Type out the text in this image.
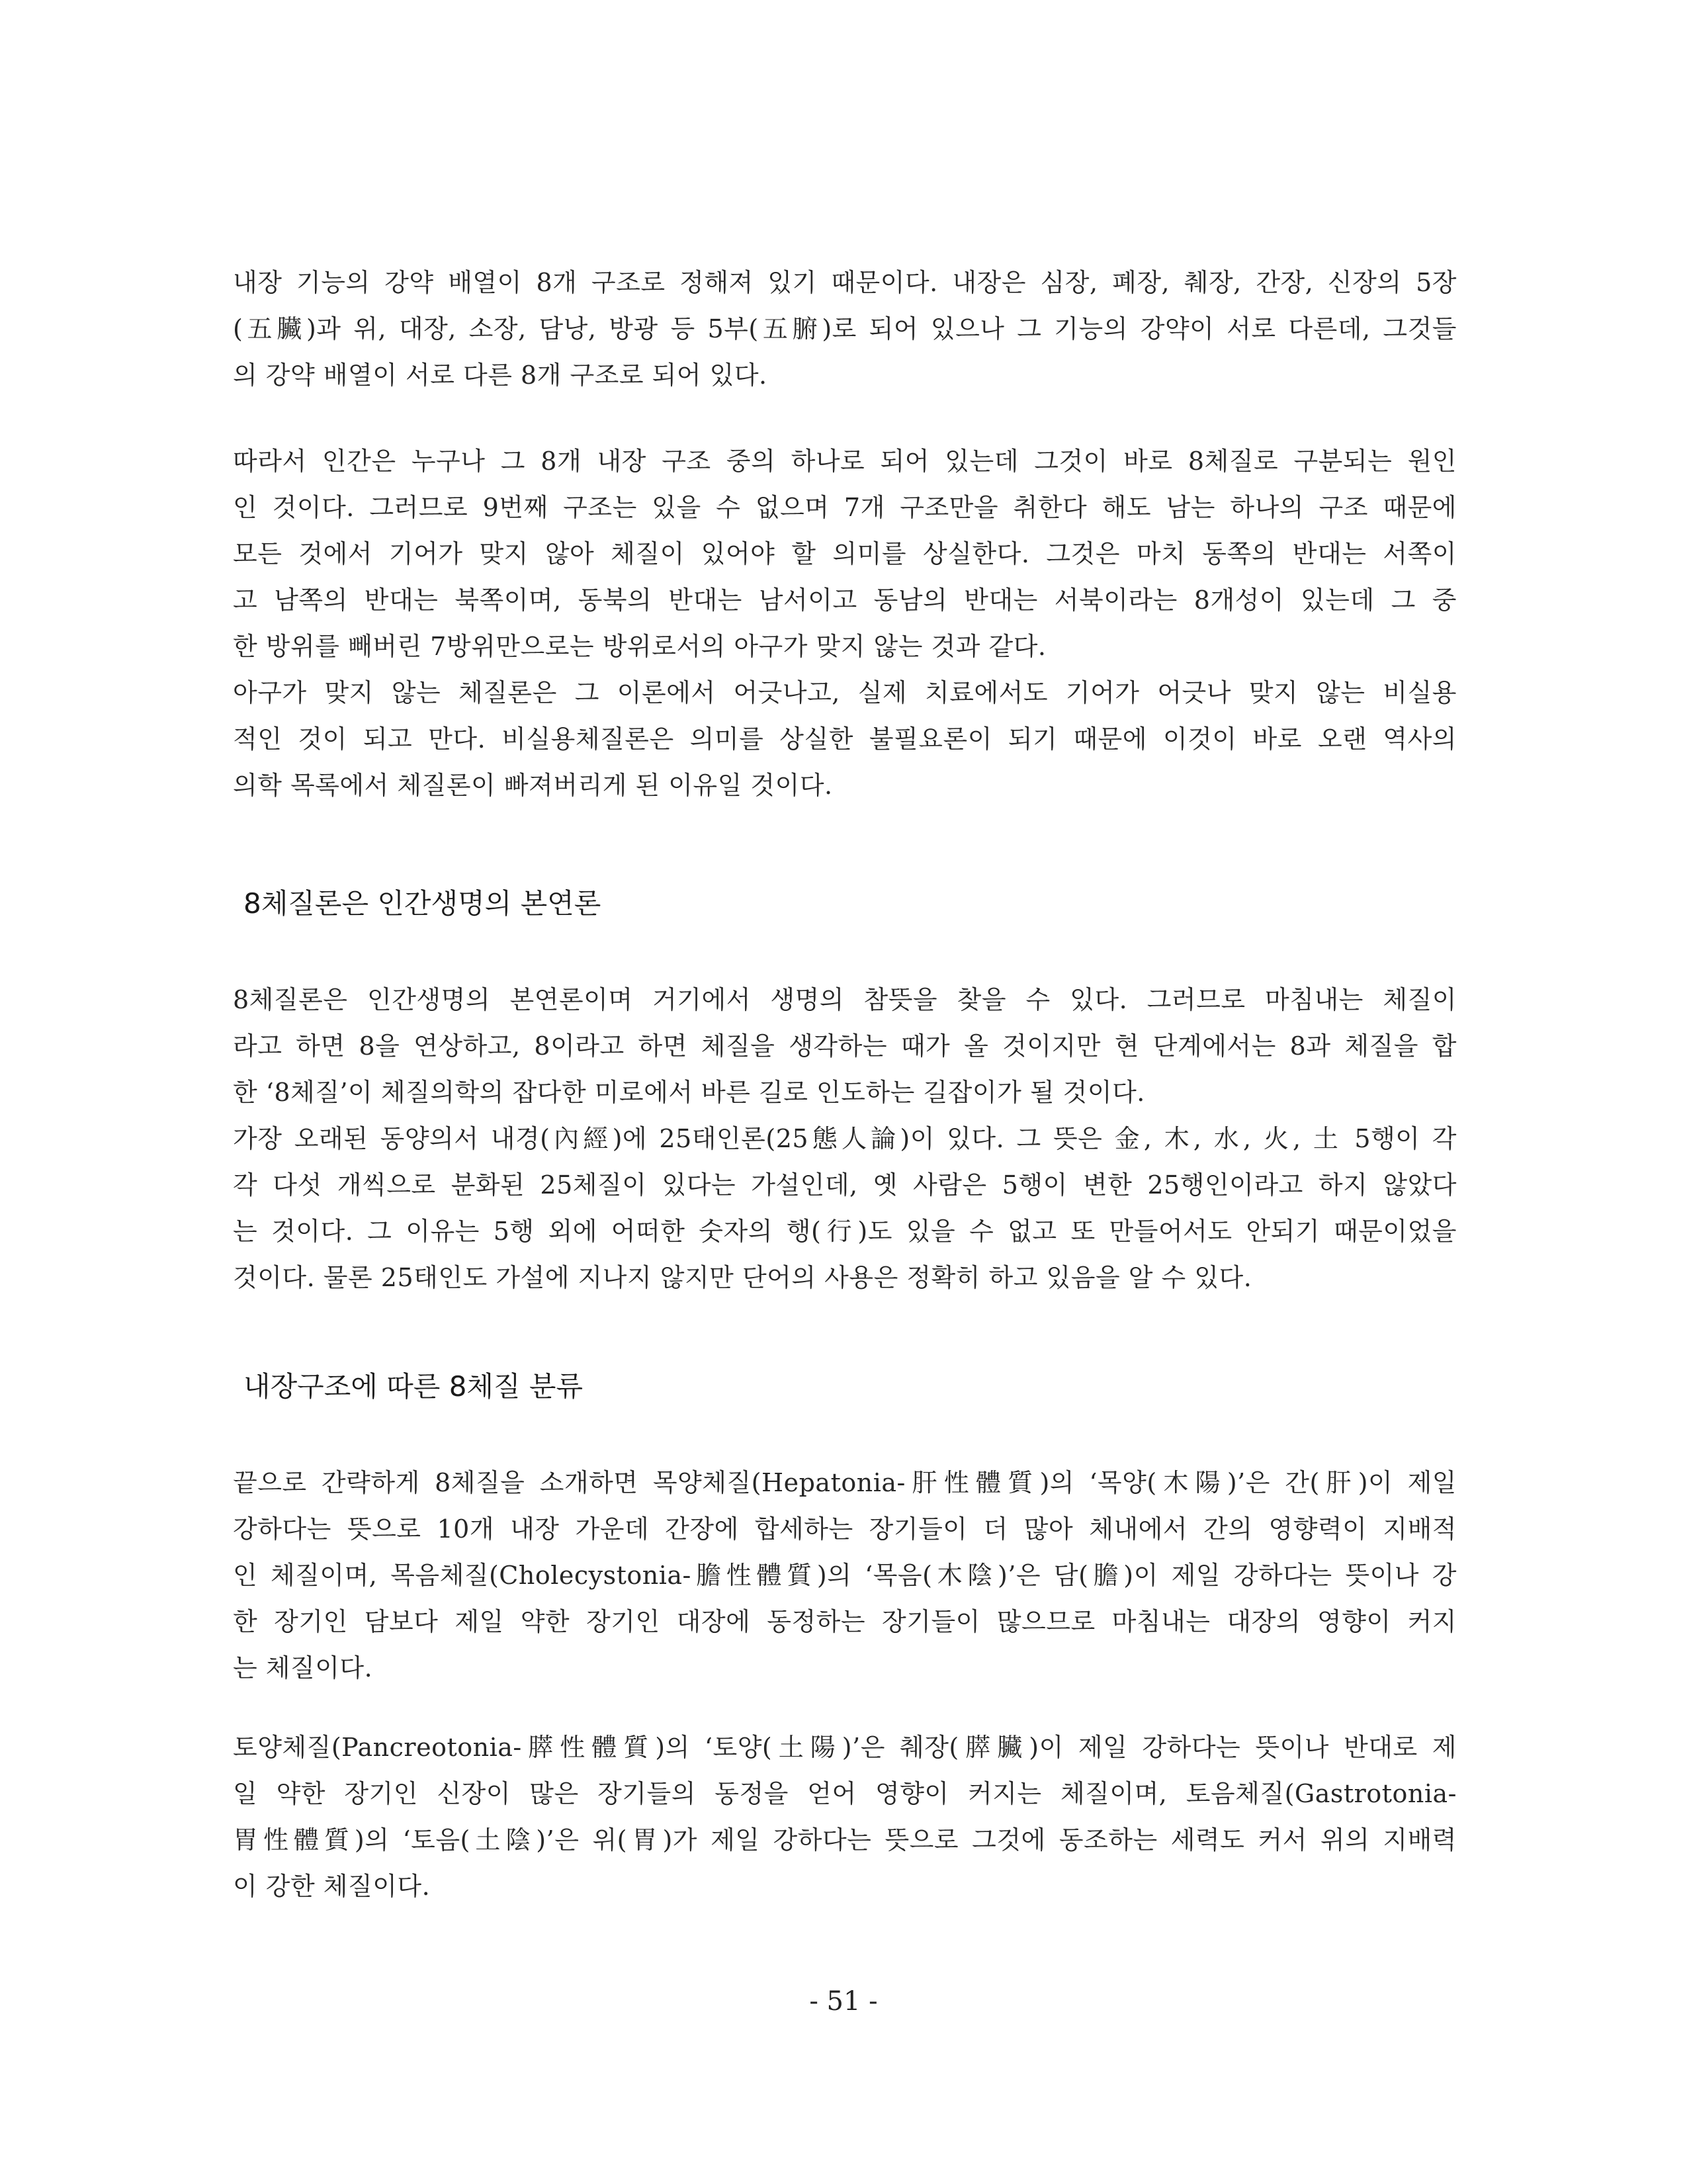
내장 기능의 강약 배열이 8개 구조로 정해져 있기 때문이다. 내장은 심장, 폐장, 췌장, 간장, 신장의 5장
(五臟)과 위, 대장, 소장, 담낭, 방광 등 5부(五腑)로 되어 있으나 그 기능의 강약이 서로 다른데, 그것들
의 강약 배열이 서로 다른 8개 구조로 되어 있다.
따라서 인간은 누구나 그 8개 내장 구조 중의 하나로 되어 있는데 그것이 바로 8체질로 구분되는 원인
인 것이다. 그러므로 9번째 구조는 있을 수 없으며 7개 구조만을 취한다 해도 남는 하나의 구조 때문에
모든 것에서 기어가 맞지 않아 체질이 있어야 할 의미를 상실한다. 그것은 마치 동쪽의 반대는 서쪽이
고 남쪽의 반대는 북쪽이며, 동북의 반대는 남서이고 동남의 반대는 서북이라는 8개성이 있는데 그 중
한 방위를 빼버린 7방위만으로는 방위로서의 아구가 맞지 않는 것과 같다.
아구가 맞지 않는 체질론은 그 이론에서 어긋나고, 실제 치료에서도 기어가 어긋나 맞지 않는 비실용
적인 것이 되고 만다. 비실용체질론은 의미를 상실한 불필요론이 되기 때문에 이것이 바로 오랜 역사의
의학 목록에서 체질론이 빠져버리게 된 이유일 것이다.
8체질론은 인간생명의 본연론
8체질론은 인간생명의 본연론이며 거기에서 생명의 참뜻을 찾을 수 있다. 그러므로 마침내는 체질이
라고 하면 8을 연상하고, 8이라고 하면 체질을 생각하는 때가 올 것이지만 현 단계에서는 8과 체질을 합
한 ‘8체질’이 체질의학의 잡다한 미로에서 바른 길로 인도하는 길잡이가 될 것이다.
가장 오래된 동양의서 내경(內經)에 25태인론(25態人論)이 있다. 그 뜻은 金, 木, 水, 火, 土 5행이 각
각 다섯 개씩으로 분화된 25체질이 있다는 가설인데, 옛 사람은 5행이 변한 25행인이라고 하지 않았다
는 것이다. 그 이유는 5행 외에 어떠한 숫자의 행(行)도 있을 수 없고 또 만들어서도 안되기 때문이었을
것이다. 물론 25태인도 가설에 지나지 않지만 단어의 사용은 정확히 하고 있음을 알 수 있다.
내장구조에 따른 8체질 분류
끝으로 간략하게 8체질을 소개하면 목양체질(Hepatonia-肝性體質)의 ‘목양(木陽)’은 간(肝)이 제일
강하다는 뜻으로 10개 내장 가운데 간장에 합세하는 장기들이 더 많아 체내에서 간의 영향력이 지배적
인 체질이며, 목음체질(Cholecystonia-膽性體質)의 ‘목음(木陰)’은 담(膽)이 제일 강하다는 뜻이나 강
한 장기인 담보다 제일 약한 장기인 대장에 동정하는 장기들이 많으므로 마침내는 대장의 영향이 커지
는 체질이다.
토양체질(Pancreotonia-膵性體質)의 ‘토양(土陽)’은 췌장(膵臟)이 제일 강하다는 뜻이나 반대로 제
일 약한 장기인 신장이 많은 장기들의 동정을 얻어 영향이 커지는 체질이며, 토음체질(Gastrotonia-
胃性體質)의 ‘토음(土陰)’은 위(胃)가 제일 강하다는 뜻으로 그것에 동조하는 세력도 커서 위의 지배력
이 강한 체질이다.
- 51 -
